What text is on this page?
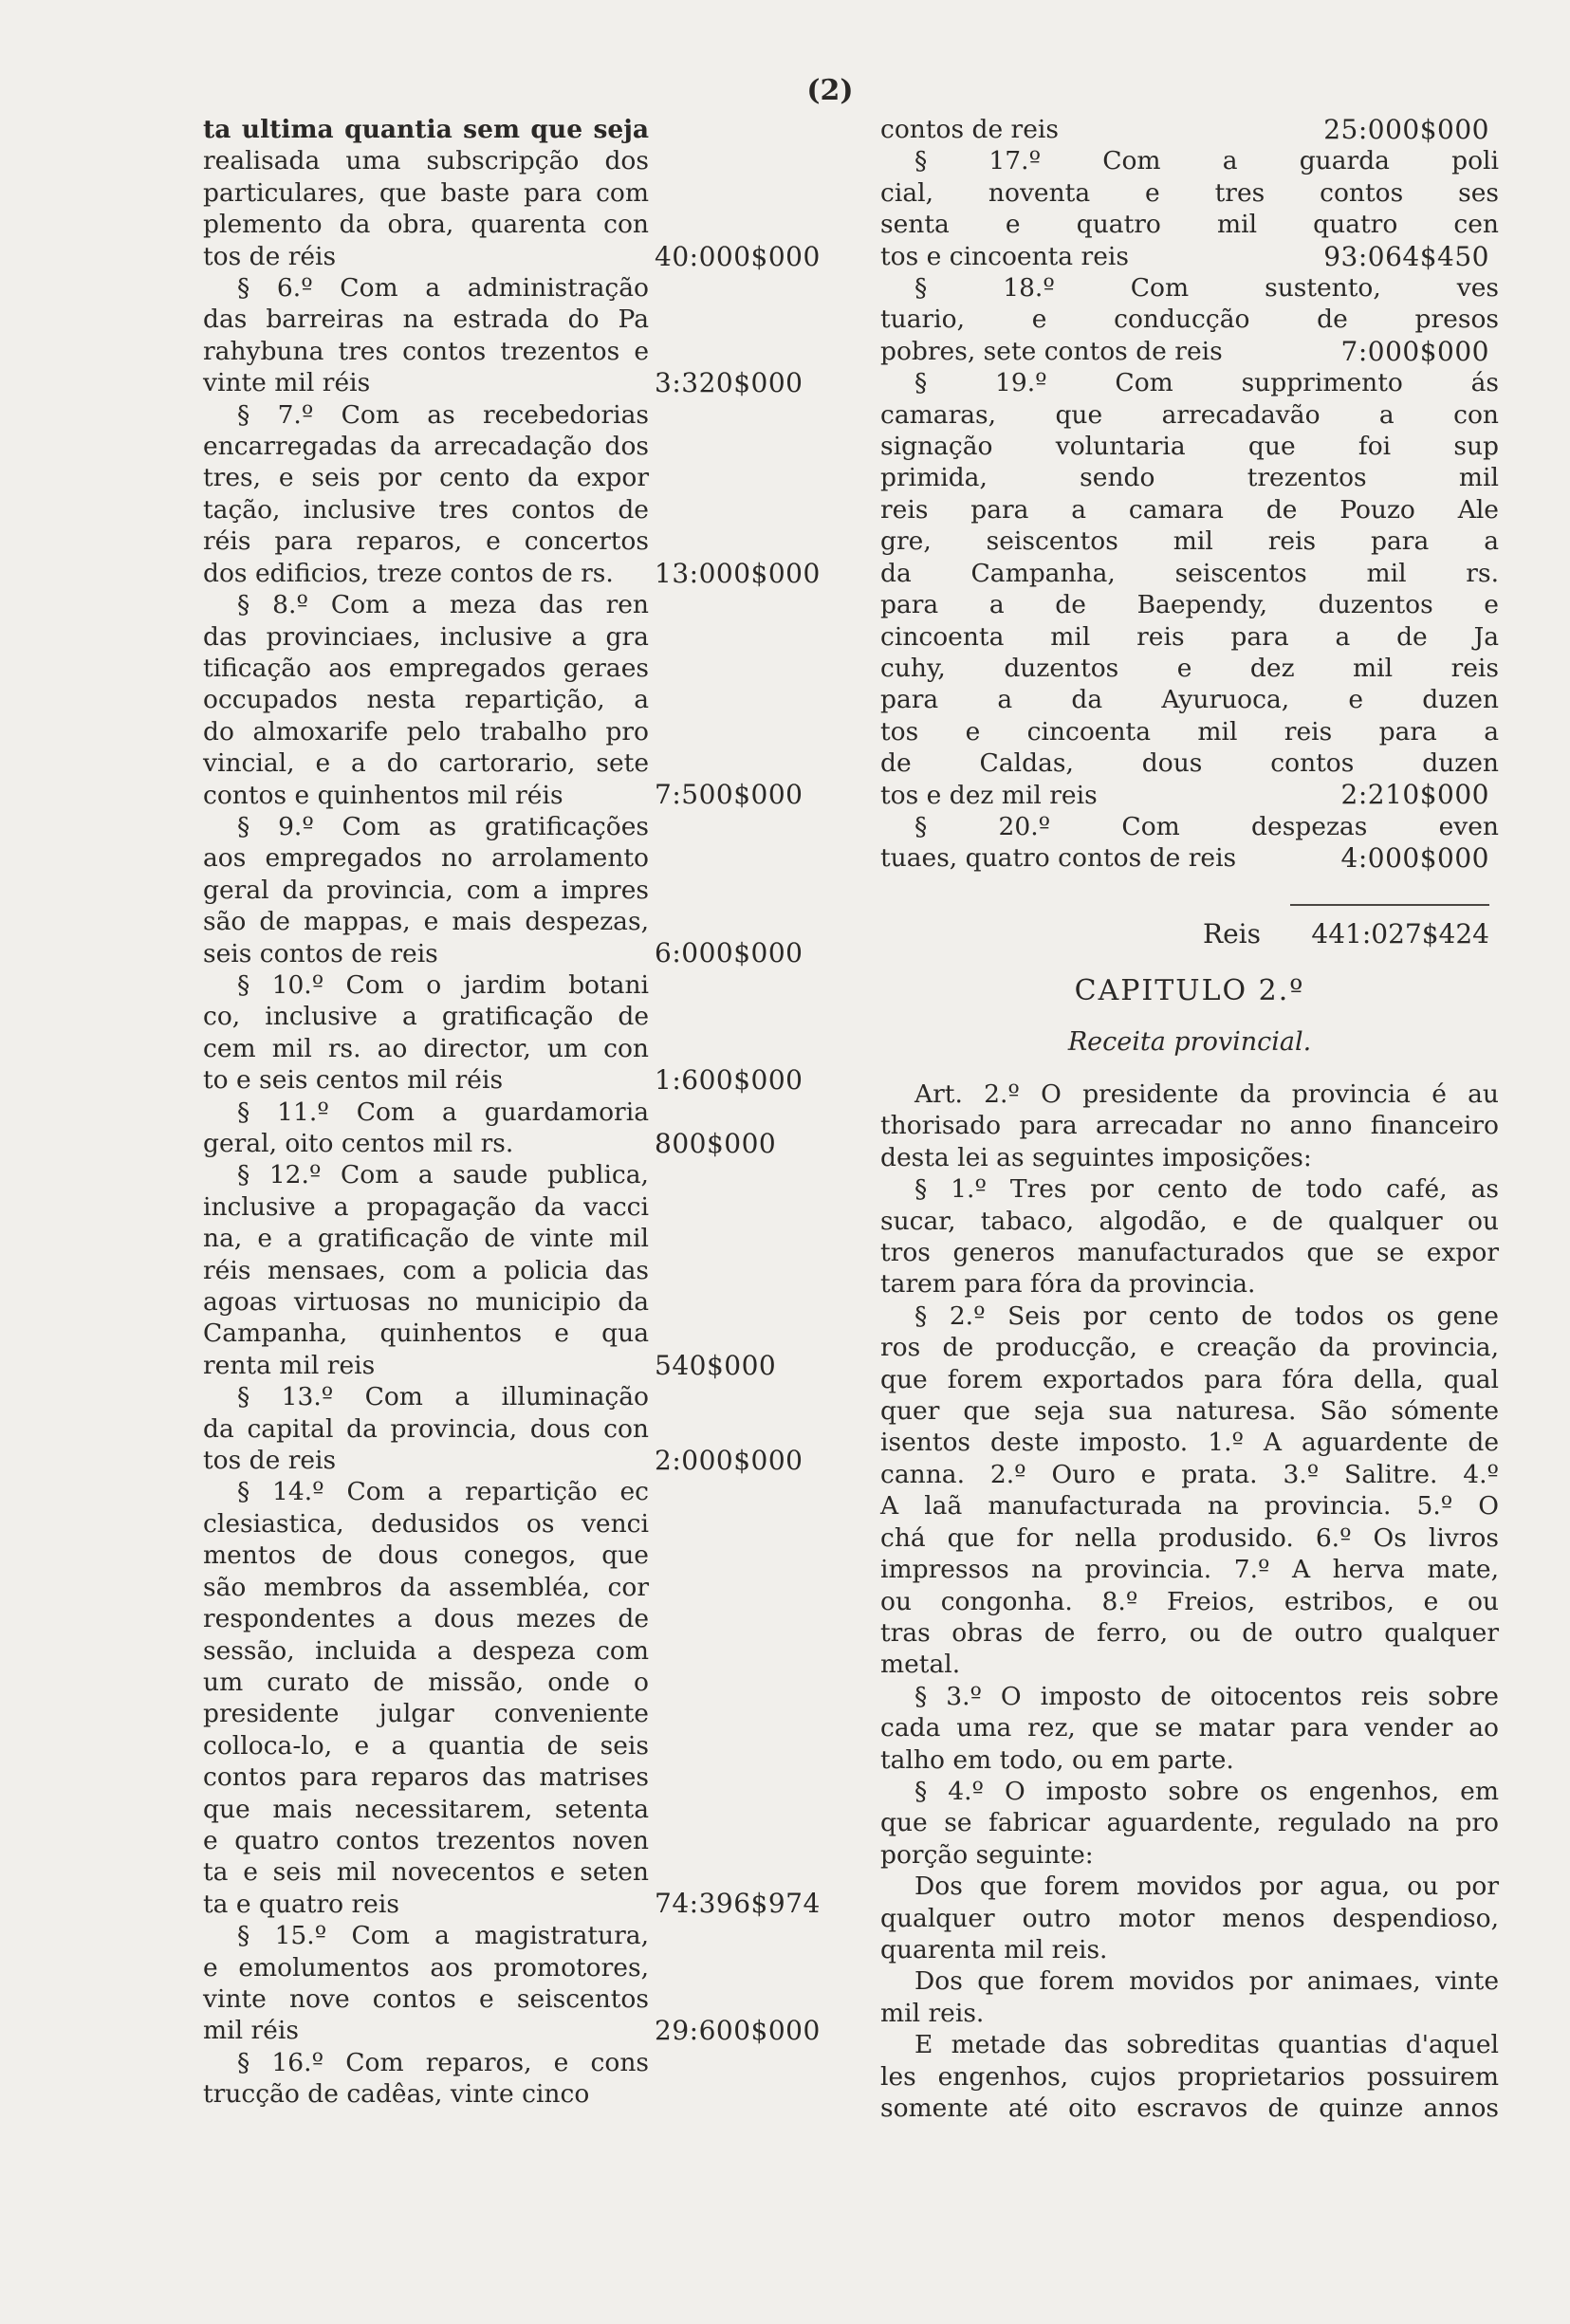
(2)
ta ultima quantia sem que seja
realisada uma subscripção dos
particulares, que baste para com
plemento da obra, quarenta con
tos de réis
§ 6.º Com a administração
das barreiras na estrada do Pa
rahybuna tres contos trezentos e
vinte mil réis
§ 7.º Com as recebedorias
encarregadas da arrecadação dos
tres, e seis por cento da expor
tação, inclusive tres contos de
réis para reparos, e concertos
dos edificios, treze contos de rs.
§ 8.º Com a meza das ren
das provinciaes, inclusive a gra
tificação aos empregados geraes
occupados nesta repartição, a
do almoxarife pelo trabalho pro
vincial, e a do cartorario, sete
contos e quinhentos mil réis
§ 9.º Com as gratificações
aos empregados no arrolamento
geral da provincia, com a impres
são de mappas, e mais despezas,
seis contos de reis
§ 10.º Com o jardim botani
co, inclusive a gratificação de
cem mil rs. ao director, um con
to e seis centos mil réis
§ 11.º Com a guardamoria
geral, oito centos mil rs.
§ 12.º Com a saude publica,
inclusive a propagação da vacci
na, e a gratificação de vinte mil
réis mensaes, com a policia das
agoas virtuosas no municipio da
Campanha, quinhentos e qua
renta mil reis
§ 13.º Com a illuminação
da capital da provincia, dous con
tos de reis
§ 14.º Com a repartição ec
clesiastica, dedusidos os venci
mentos de dous conegos, que
são membros da assembléa, cor
respondentes a dous mezes de
sessão, incluida a despeza com
um curato de missão, onde o
presidente julgar conveniente
colloca-lo, e a quantia de seis
contos para reparos das matrises
que mais necessitarem, setenta
e quatro contos trezentos noven
ta e seis mil novecentos e seten
ta e quatro reis
§ 15.º Com a magistratura,
e emolumentos aos promotores,
vinte nove contos e seiscentos
mil réis
§ 16.º Com reparos, e cons
trucção de cadêas, vinte cinco
40:000$000
3:320$000
13:000$000
7:500$000
6:000$000
1:600$000
800$000
540$000
2:000$000
74:396$974
29:600$000
contos de reis
§ 17.º Com a guarda poli
cial, noventa e tres contos ses
senta e quatro mil quatro cen
tos e cincoenta reis
§ 18.º Com sustento, ves
tuario, e conducção de presos
pobres, sete contos de reis
§ 19.º Com supprimento ás
camaras, que arrecadavão a con
signação voluntaria que foi sup
primida, sendo trezentos mil
reis para a camara de Pouzo Ale
gre, seiscentos mil reis para a
da Campanha, seiscentos mil rs.
para a de Baependy, duzentos e
cincoenta mil reis para a de Ja
cuhy, duzentos e dez mil reis
para a da Ayuruoca, e duzen
tos e cincoenta mil reis para a
de Caldas, dous contos duzen
tos e dez mil reis
§ 20.º Com despezas even
tuaes, quatro contos de reis
25:000$000
93:064$450
7:000$000
2:210$000
4:000$000
Reis	441:027$424
CAPITULO 2.º
Receita provincial.
Art. 2.º O presidente da provincia é au
thorisado para arrecadar no anno financeiro
desta lei as seguintes imposições:
§ 1.º Tres por cento de todo café, as
sucar, tabaco, algodão, e de qualquer ou
tros generos manufacturados que se expor
tarem para fóra da provincia.
§ 2.º Seis por cento de todos os gene
ros de producção, e creação da provincia,
que forem exportados para fóra della, qual
quer que seja sua naturesa. São sómente
isentos deste imposto. 1.º A aguardente de
canna. 2.º Ouro e prata. 3.º Salitre. 4.º
A laã manufacturada na provincia. 5.º O
chá que for nella produsido. 6.º Os livros
impressos na provincia. 7.º A herva mate,
ou congonha. 8.º Freios, estribos, e ou
tras obras de ferro, ou de outro qualquer
metal.
§ 3.º O imposto de oitocentos reis sobre
cada uma rez, que se matar para vender ao
talho em todo, ou em parte.
§ 4.º O imposto sobre os engenhos, em
que se fabricar aguardente, regulado na pro
porção seguinte:
Dos que forem movidos por agua, ou por
qualquer outro motor menos despendioso,
quarenta mil reis.
Dos que forem movidos por animaes, vinte
mil reis.
E metade das sobreditas quantias d'aquel
les engenhos, cujos proprietarios possuirem
somente até oito escravos de quinze annos
